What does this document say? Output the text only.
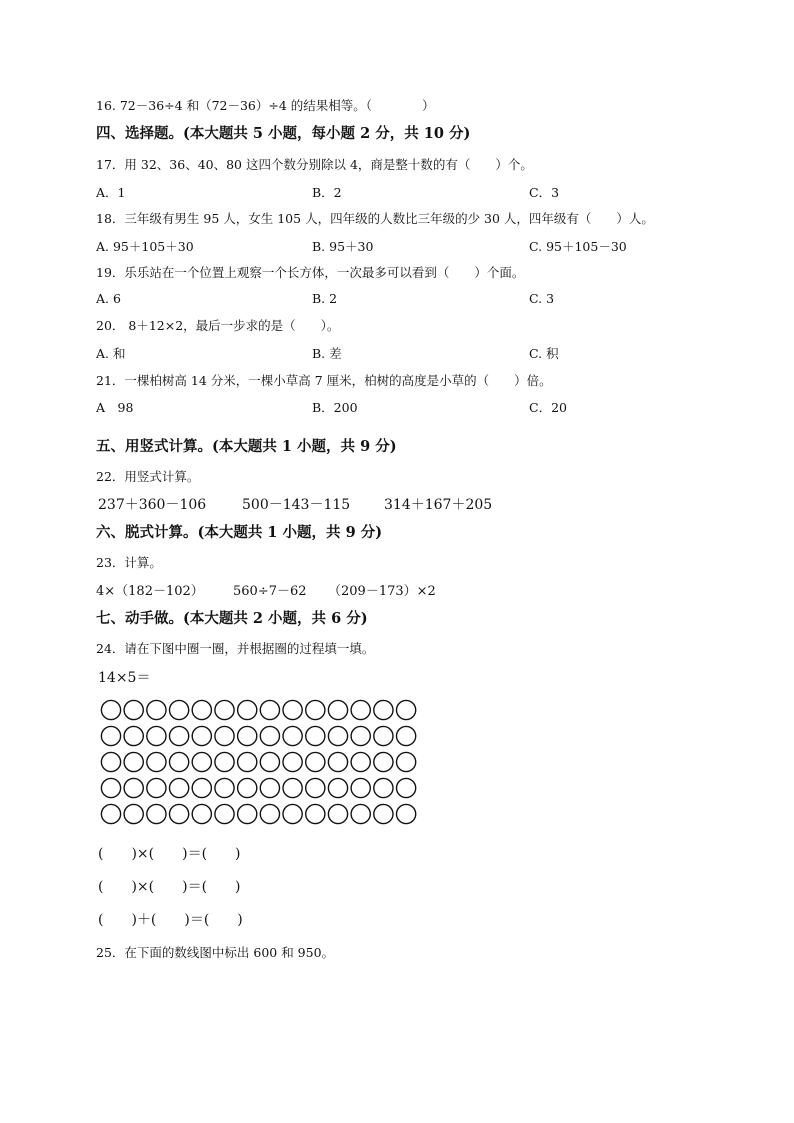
16. 72－36÷4 和（72－36）÷4 的结果相等。（　　　　）
四、选择题。(本大题共 5 小题，每小题 2 分，共 10 分)
17．用 32、36、40、80 这四个数分别除以 4，商是整十数的有（　　）个。
A．1	B．2	C．3
18．三年级有男生 95 人，女生 105 人，四年级的人数比三年级的少 30 人，四年级有（　　）人。
A. 95＋105＋30	B. 95＋30	C. 95＋105－30
19．乐乐站在一个位置上观察一个长方体，一次最多可以看到（　　）个面。
A. 6	B. 2	C. 3
20． 8＋12×2，最后一步求的是（　　）。
A. 和	B. 差	C. 积
21．一棵柏树高 14 分米，一棵小草高 7 厘米，柏树的高度是小草的（　　）倍。
A　98	B．200	C．20
五、用竖式计算。(本大题共 1 小题，共 9 分)
22．用竖式计算。
237＋360－106	500－143－115 314＋167＋205
六、脱式计算。(本大题共 1 小题，共 9 分)
23．计算。
4×（182－102） 560÷7－62 （209－173）×2
七、动手做。(本大题共 2 小题，共 6 分)
24．请在下图中圈一圈，并根据圈的过程填一填。
14×5＝
(　　)×(　　)＝(　　)
(　　)×(　　)＝(　　)
(　　)＋(　　)＝(　　)
25．在下面的数线图中标出 600 和 950。
